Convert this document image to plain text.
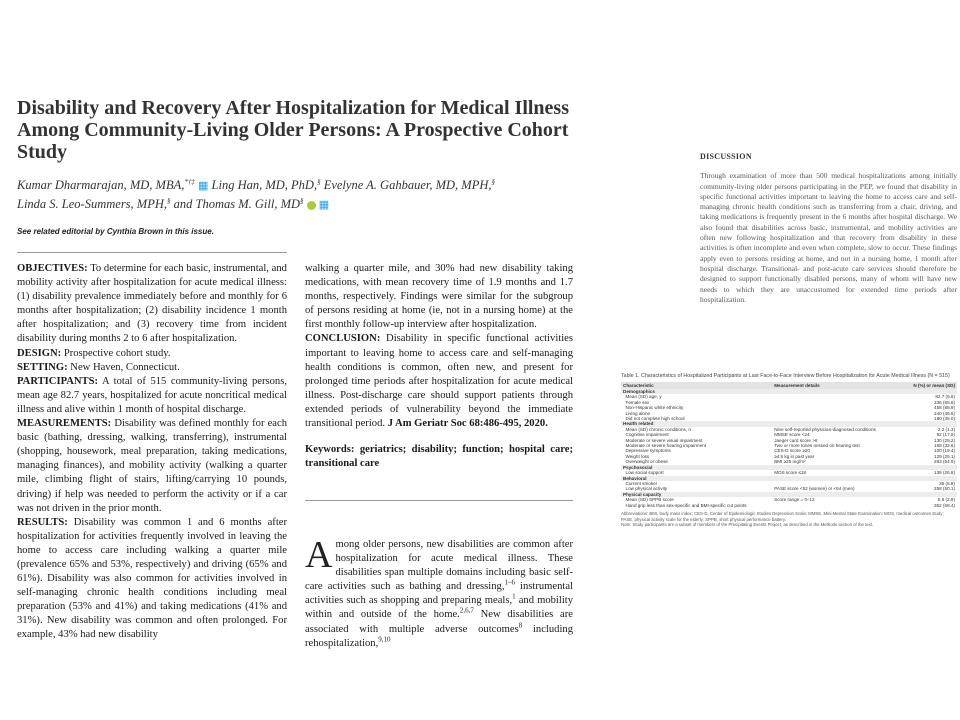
Disability and Recovery After Hospitalization for Medical Illness Among Community-Living Older Persons: A Prospective Cohort Study
Kumar Dharmarajan, MD, MBA,*†‡ ▦ Ling Han, MD, PhD,§ Evelyne A. Gahbauer, MD, MPH,§
Linda S. Leo-Summers, MPH,§ and Thomas M. Gill, MD§ ▦
See related editorial by Cynthia Brown in this issue.

OBJECTIVES: To determine for each basic, instrumental, and mobility activity after hospitalization for acute medical illness: (1) disability prevalence immediately before and monthly for 6 months after hospitalization; (2) disability incidence 1 month after hospitalization; and (3) recovery time from incident disability during months 2 to 6 after hospitalization.

DESIGN: Prospective cohort study.

SETTING: New Haven, Connecticut.

PARTICIPANTS: A total of 515 community-living persons, mean age 82.7 years, hospitalized for acute noncritical medical illness and alive within 1 month of hospital discharge.

MEASUREMENTS: Disability was defined monthly for each basic (bathing, dressing, walking, transferring), instrumental (shopping, housework, meal preparation, taking medications, managing finances), and mobility activity (walking a quarter mile, climbing flight of stairs, lifting/carrying 10 pounds, driving) if help was needed to perform the activity or if a car was not driven in the prior month.

RESULTS: Disability was common 1 and 6 months after hospitalization for activities frequently involved in leaving the home to access care including walking a quarter mile (prevalence 65% and 53%, respectively) and driving (65% and 61%). Disability was also common for activities involved in self-managing chronic health conditions including meal preparation (53% and 41%) and taking medications (41% and 31%). New disability was common and often prolonged. For example, 43% had new disability

walking a quarter mile, and 30% had new disability taking medications, with mean recovery time of 1.9 months and 1.7 months, respectively. Findings were similar for the subgroup of persons residing at home (ie, not in a nursing home) at the first monthly follow-up interview after hospitalization.

CONCLUSION: Disability in specific functional activities important to leaving home to access care and self-managing health conditions is common, often new, and present for prolonged time periods after hospitalization for acute medical illness. Post-discharge care should support patients through extended periods of vulnerability beyond the immediate transitional period. J Am Geriatr Soc 68:486-495, 2020.

Keywords: geriatrics; disability; function; hospital care; transitional care

Among older persons, new disabilities are common after hospitalization for acute medical illness. These disabilities span multiple domains including basic self-care activities such as bathing and dressing,$^{1-6}$ instrumental activities such as shopping and preparing meals,$^1$ and mobility within and outside of the home.$^{2,6,7}$ New disabilities are associated with multiple adverse outcomes$^8$ including rehospitalization,$^{9,10}$
DISCUSSION
Through examination of more than 500 medical hospitalizations among initially community-living older persons participating in the PEP, we found that disability in specific functional activities important to leaving the home to access care and self-managing chronic health conditions such as transferring from a chair, driving, and taking medications is frequently present in the 6 months after hospital discharge. We also found that disabilities across basic, instrumental, and mobility activities are often new following hospitalization and that recovery from disability in these activities is often incomplete and even when complete, slow to occur. These findings apply even to persons residing at home, and not in a nursing home, 1 month after hospital discharge. Transitional- and post-acute care services should therefore be designed to support functionally disabled persons, many of whom will have new needs to which they are unaccustomed for extended time periods after hospitalization.
Table 1. Characteristics of Hospitalized Participants at Last Face-to-Face Interview Before Hospitalization for Acute Medical Illness (N = 515)
Characteristic	Measurement details	N (%) or mean (SD)
Demographics		
Mean (SD) age, y		82.7 (5.6)
Female sex		336 (65.6)
Non-Hispanic white ethnicity		458 (88.9)
Living alone		240 (46.6)
Did not complete high school		180 (35.0)
Health related		
Mean (SD) chronic conditions, n	Nine self-reported physician-diagnosed conditions	2.2 (1.3)
Cognitive impairment	MMSE score <24	92 (17.9)
Moderate or severe visual impairment	Jaeger card score >6	130 (25.2)
Moderate or severe hearing impairment	Two or more tones missed on hearing test	168 (32.6)
Depressive symptoms	CES-D score ≥20	100 (19.4)
Weight loss	≥4.5 kg in past year	129 (25.1)
Overweight or obese	BMI ≥25 mg/m²	263 (54.9)
Psychosocial		
Low social support	MOS score ≤18	138 (26.8)
Behavioral		
Current smoker		35 (6.8)
Low physical activity	PASE score <52 (women) or <64 (men)	258 (50.1)
Physical capacity		
Mean (SD) SPPB score	Score range = 0–12	5.6 (2.8)
Hand grip less than sex-specific and BMI-specific cut points		352 (68.4)
Abbreviations: BMI, body mass index; CES-D, Center of Epidemiologic Studies Depression Scale; MMSE, Mini-Mental State Examination; MOS, medical outcomes study; PASE, physical activity scale for the elderly; SPPB, short physical performance battery.
Note: Study participants are a subset of members of the Precipitating Events Project, as described in the Methods section of the text.
